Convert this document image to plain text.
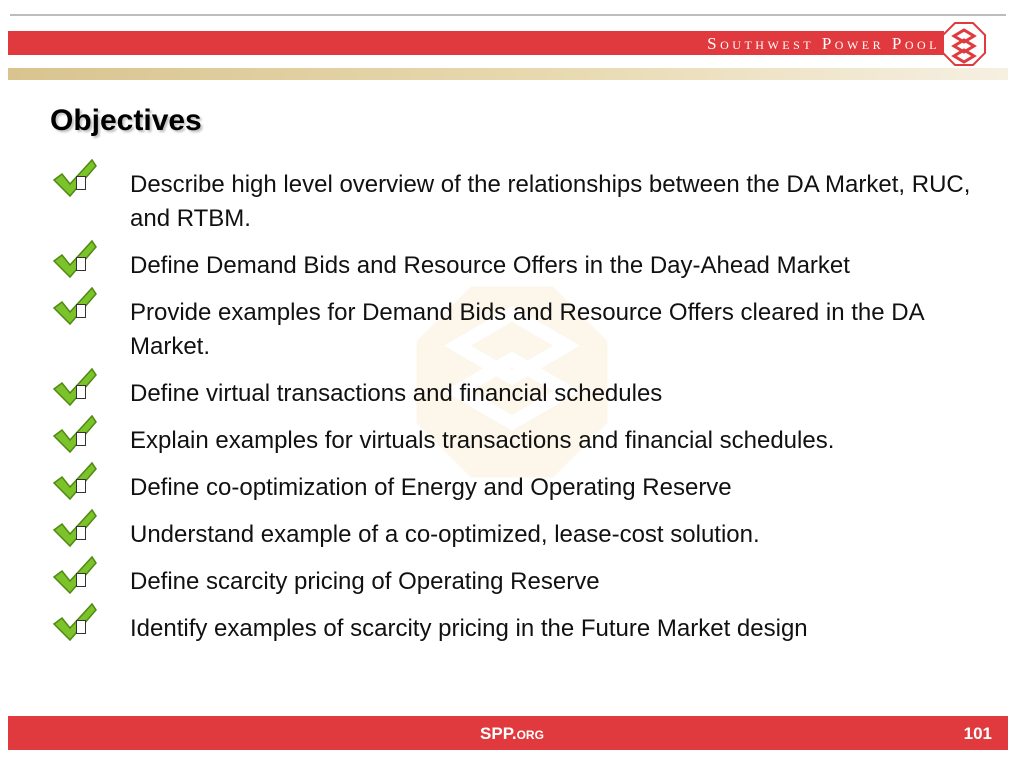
Southwest Power Pool
Objectives
Describe high level overview of the relationships between the DA Market, RUC, and RTBM.
Define Demand Bids and Resource Offers in the Day-Ahead Market
Provide examples for Demand Bids and Resource Offers cleared in the DA Market.
Define virtual transactions and financial schedules
Explain examples for virtuals transactions and financial schedules.
Define co-optimization of Energy and Operating Reserve
Understand example of a co-optimized, lease-cost solution.
Define scarcity pricing of Operating Reserve
Identify examples of scarcity pricing in the Future Market design
SPP.org	101
